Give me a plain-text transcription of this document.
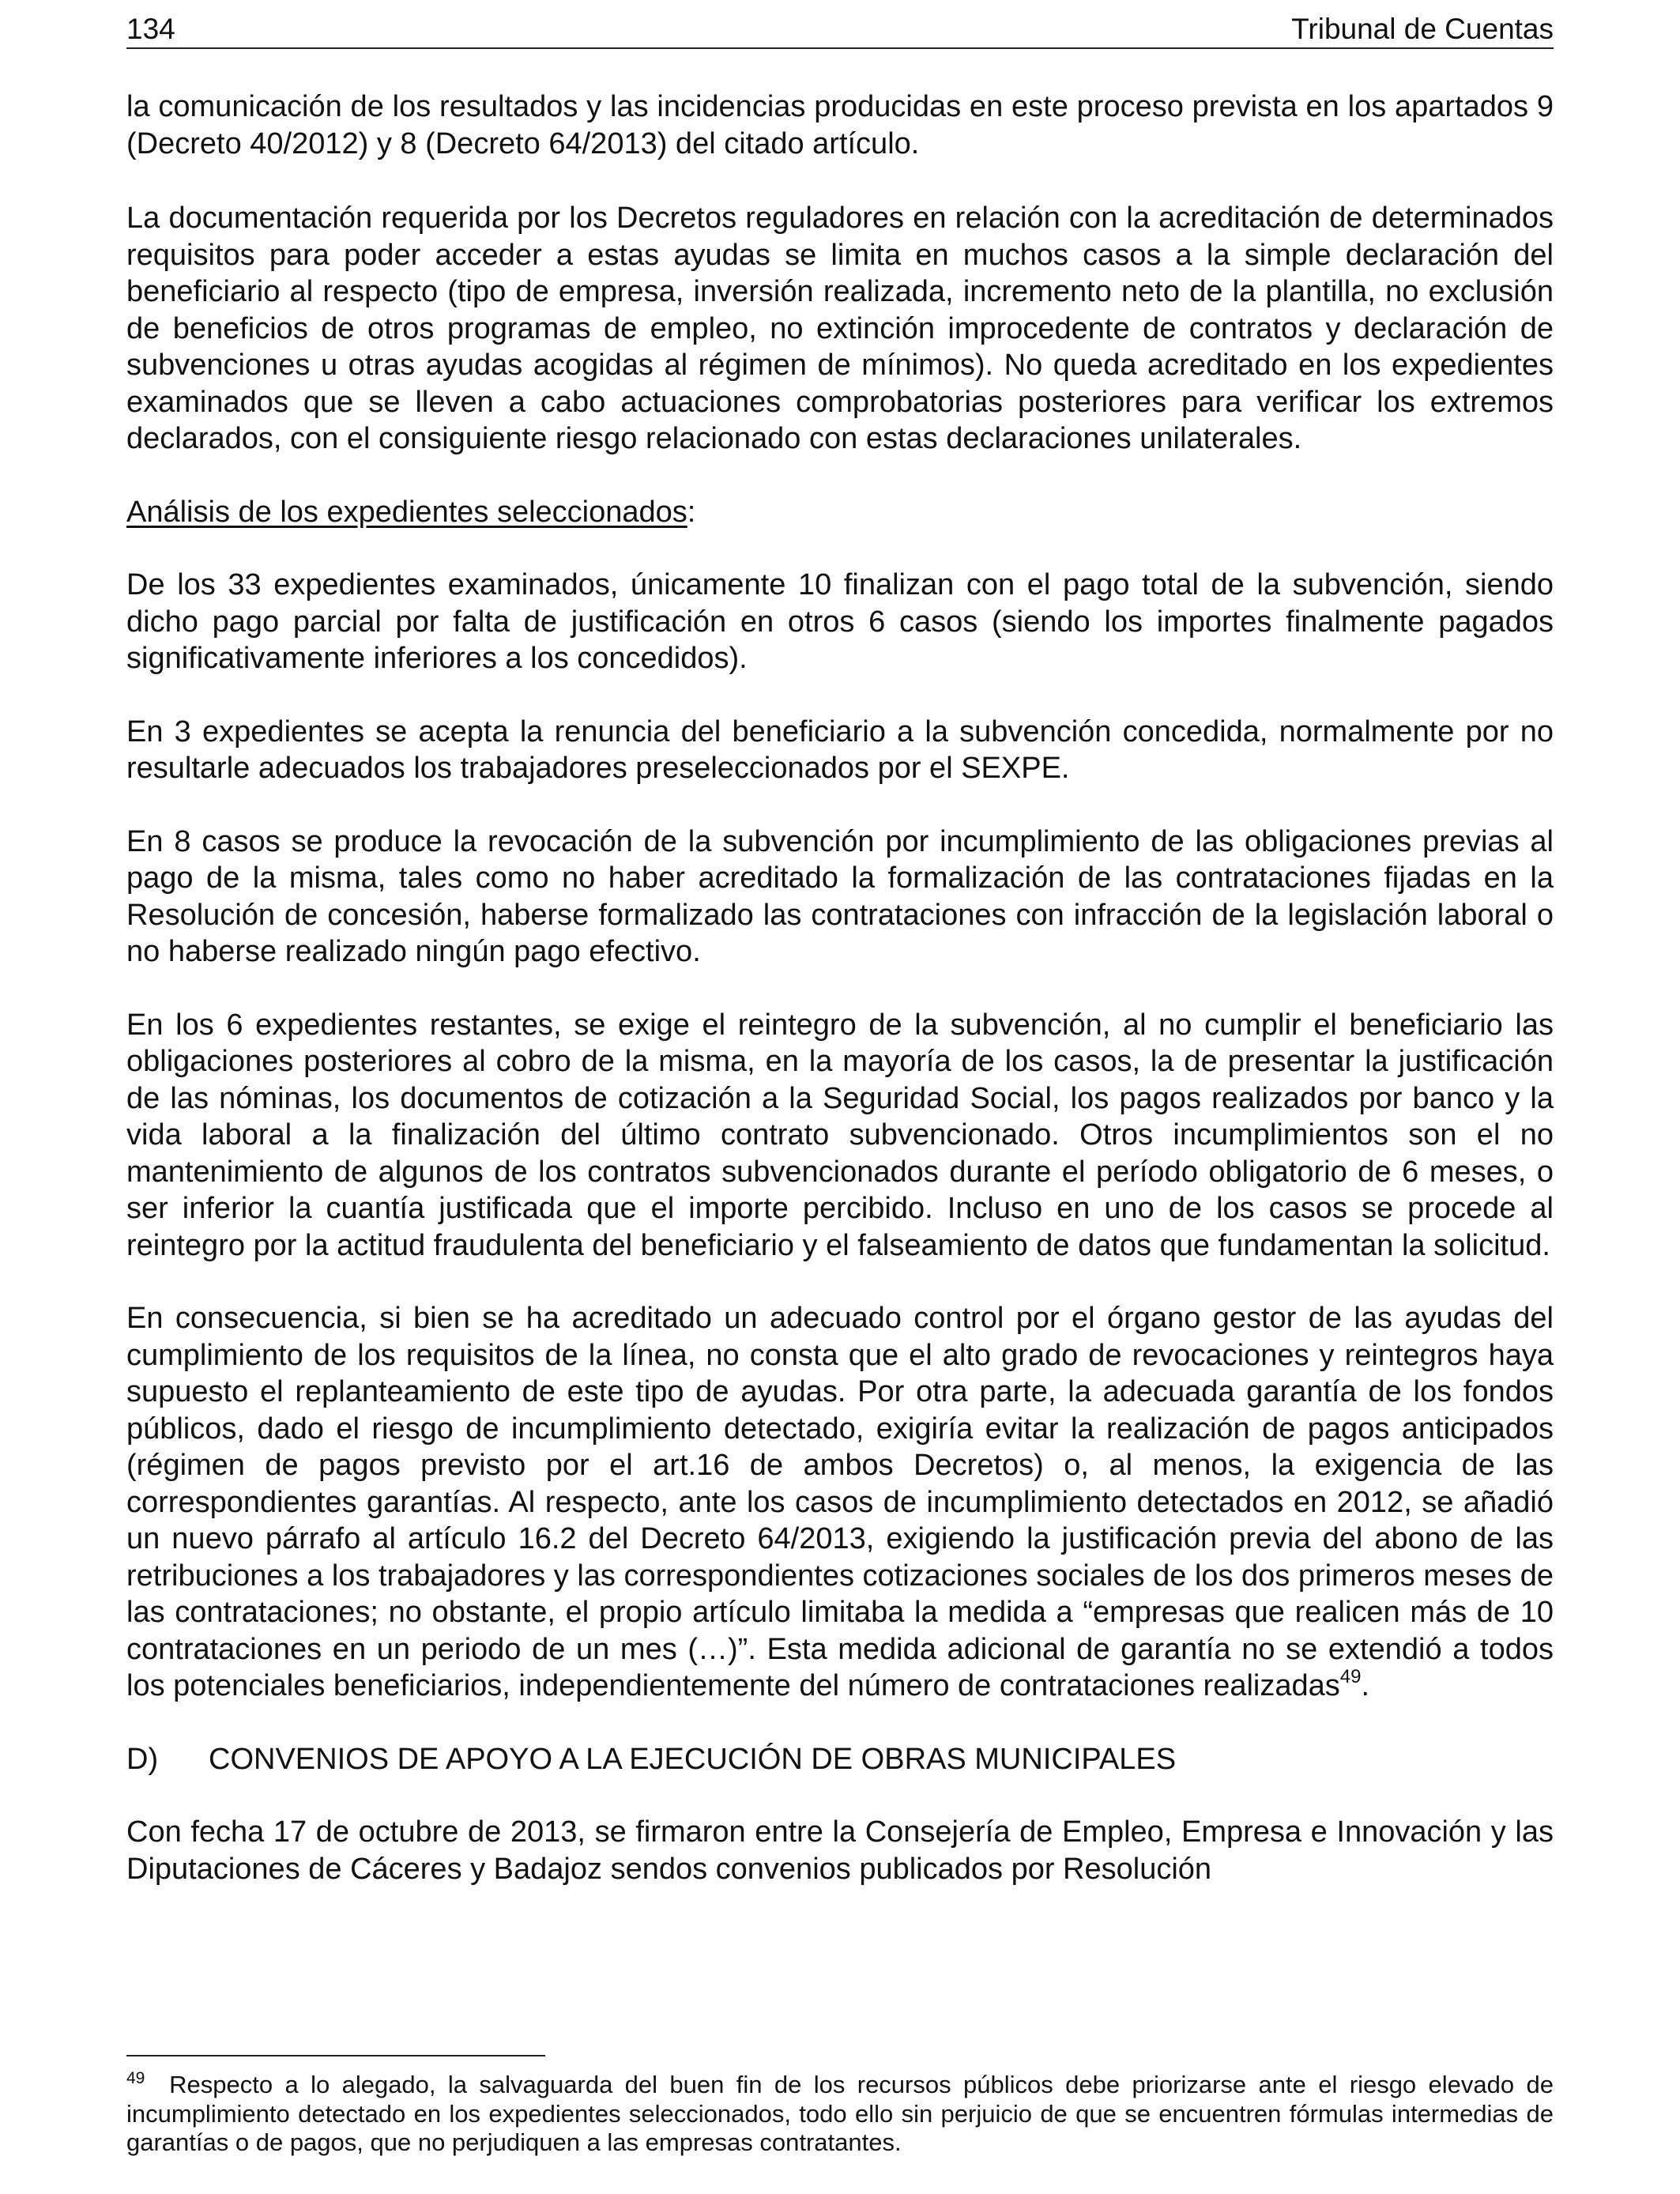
134	Tribunal de Cuentas

la comunicación de los resultados y las incidencias producidas en este proceso prevista en los apartados 9 (Decreto 40/2012) y 8 (Decreto 64/2013) del citado artículo.

La documentación requerida por los Decretos reguladores en relación con la acreditación de determinados requisitos para poder acceder a estas ayudas se limita en muchos casos a la simple declaración del beneficiario al respecto (tipo de empresa, inversión realizada, incremento neto de la plantilla, no exclusión de beneficios de otros programas de empleo, no extinción improcedente de contratos y declaración de subvenciones u otras ayudas acogidas al régimen de mínimos). No queda acreditado en los expedientes examinados que se lleven a cabo actuaciones comprobatorias posteriores para verificar los extremos declarados, con el consiguiente riesgo relacionado con estas declaraciones unilaterales.

Análisis de los expedientes seleccionados:

De los 33 expedientes examinados, únicamente 10 finalizan con el pago total de la subvención, siendo dicho pago parcial por falta de justificación en otros 6 casos (siendo los importes finalmente pagados significativamente inferiores a los concedidos).

En 3 expedientes se acepta la renuncia del beneficiario a la subvención concedida, normalmente por no resultarle adecuados los trabajadores preseleccionados por el SEXPE.

En 8 casos se produce la revocación de la subvención por incumplimiento de las obligaciones previas al pago de la misma, tales como no haber acreditado la formalización de las contrataciones fijadas en la Resolución de concesión, haberse formalizado las contrataciones con infracción de la legislación laboral o no haberse realizado ningún pago efectivo.

En los 6 expedientes restantes, se exige el reintegro de la subvención, al no cumplir el beneficiario las obligaciones posteriores al cobro de la misma, en la mayoría de los casos, la de presentar la justificación de las nóminas, los documentos de cotización a la Seguridad Social, los pagos realizados por banco y la vida laboral a la finalización del último contrato subvencionado. Otros incumplimientos son el no mantenimiento de algunos de los contratos subvencionados durante el período obligatorio de 6 meses, o ser inferior la cuantía justificada que el importe percibido. Incluso en uno de los casos se procede al reintegro por la actitud fraudulenta del beneficiario y el falseamiento de datos que fundamentan la solicitud.

En consecuencia, si bien se ha acreditado un adecuado control por el órgano gestor de las ayudas del cumplimiento de los requisitos de la línea, no consta que el alto grado de revocaciones y reintegros haya supuesto el replanteamiento de este tipo de ayudas. Por otra parte, la adecuada garantía de los fondos públicos, dado el riesgo de incumplimiento detectado, exigiría evitar la realización de pagos anticipados (régimen de pagos previsto por el art.16 de ambos Decretos) o, al menos, la exigencia de las correspondientes garantías. Al respecto, ante los casos de incumplimiento detectados en 2012, se añadió un nuevo párrafo al artículo 16.2 del Decreto 64/2013, exigiendo la justificación previa del abono de las retribuciones a los trabajadores y las correspondientes cotizaciones sociales de los dos primeros meses de las contrataciones; no obstante, el propio artículo limitaba la medida a “empresas que realicen más de 10 contrataciones en un periodo de un mes (…)”. Esta medida adicional de garantía no se extendió a todos los potenciales beneficiarios, independientemente del número de contrataciones realizadas$^{49}$.

D)	CONVENIOS DE APOYO A LA EJECUCIÓN DE OBRAS MUNICIPALES

Con fecha 17 de octubre de 2013, se firmaron entre la Consejería de Empleo, Empresa e Innovación y las Diputaciones de Cáceres y Badajoz sendos convenios publicados por Resolución

$^{49}$ Respecto a lo alegado, la salvaguarda del buen fin de los recursos públicos debe priorizarse ante el riesgo elevado de incumplimiento detectado en los expedientes seleccionados, todo ello sin perjuicio de que se encuentren fórmulas intermedias de garantías o de pagos, que no perjudiquen a las empresas contratantes.
